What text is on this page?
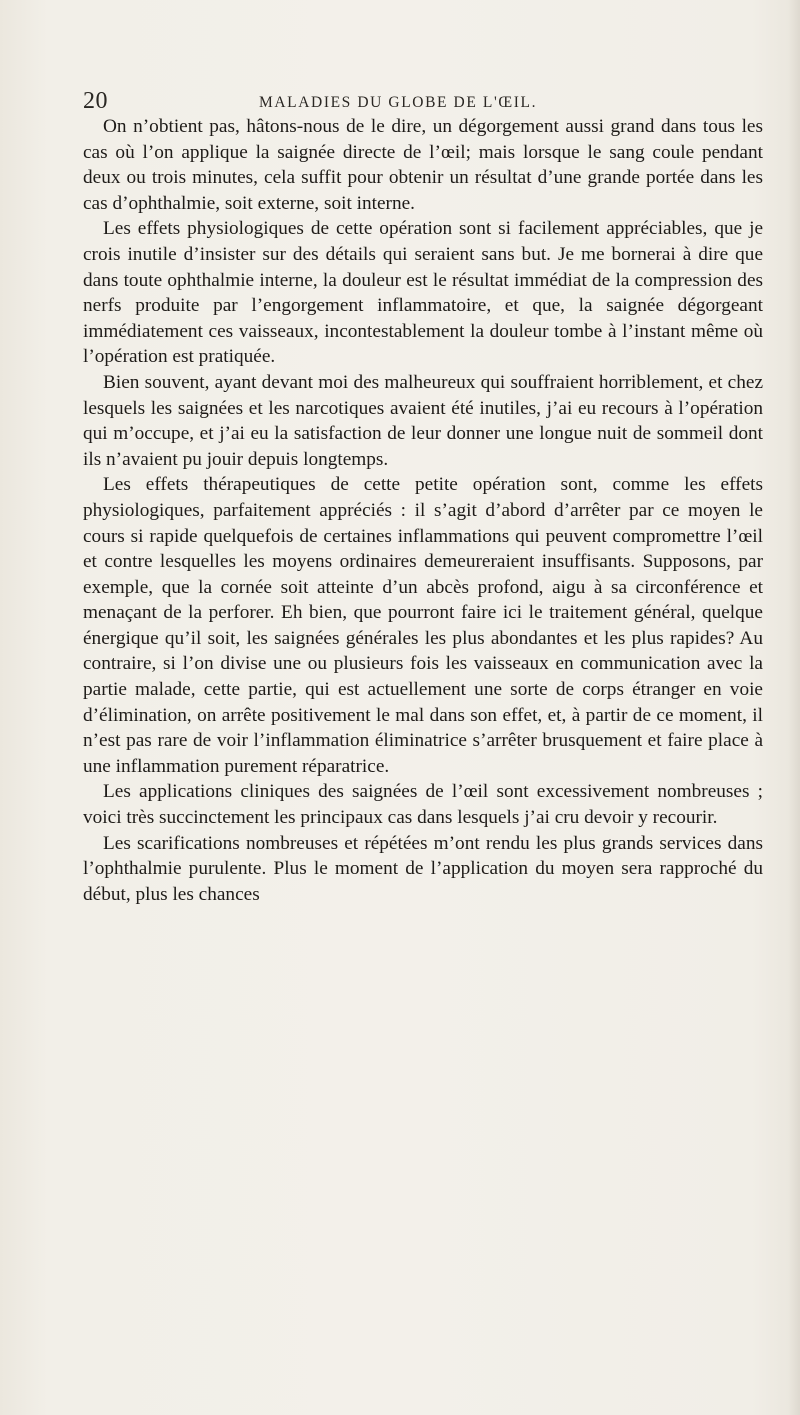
20	MALADIES DU GLOBE DE L'ŒIL.

On n’obtient pas, hâtons-nous de le dire, un dégorgement aussi grand dans tous les cas où l’on applique la saignée directe de l’œil; mais lorsque le sang coule pendant deux ou trois minutes, cela suffit pour obtenir un résultat d’une grande portée dans les cas d’ophthalmie, soit externe, soit interne.

Les effets physiologiques de cette opération sont si facilement appréciables, que je crois inutile d’insister sur des détails qui seraient sans but. Je me bornerai à dire que dans toute ophthalmie interne, la douleur est le résultat immédiat de la compression des nerfs produite par l’engorgement inflammatoire, et que, la saignée dégorgeant immédiatement ces vaisseaux, incontestablement la douleur tombe à l’instant même où l’opération est pratiquée.

Bien souvent, ayant devant moi des malheureux qui souffraient horriblement, et chez lesquels les saignées et les narcotiques avaient été inutiles, j’ai eu recours à l’opération qui m’occupe, et j’ai eu la satisfaction de leur donner une longue nuit de sommeil dont ils n’avaient pu jouir depuis longtemps.

Les effets thérapeutiques de cette petite opération sont, comme les effets physiologiques, parfaitement appréciés : il s’agit d’abord d’arrêter par ce moyen le cours si rapide quelquefois de certaines inflammations qui peuvent compromettre l’œil et contre lesquelles les moyens ordinaires demeureraient insuffisants. Supposons, par exemple, que la cornée soit atteinte d’un abcès profond, aigu à sa circonférence et menaçant de la perforer. Eh bien, que pourront faire ici le traitement général, quelque énergique qu’il soit, les saignées générales les plus abondantes et les plus rapides? Au contraire, si l’on divise une ou plusieurs fois les vaisseaux en communication avec la partie malade, cette partie, qui est actuellement une sorte de corps étranger en voie d’élimination, on arrête positivement le mal dans son effet, et, à partir de ce moment, il n’est pas rare de voir l’inflammation éliminatrice s’arrêter brusquement et faire place à une inflammation purement réparatrice.

Les applications cliniques des saignées de l’œil sont excessivement nombreuses ; voici très succinctement les principaux cas dans lesquels j’ai cru devoir y recourir.

Les scarifications nombreuses et répétées m’ont rendu les plus grands services dans l’ophthalmie purulente. Plus le moment de l’application du moyen sera rapproché du début, plus les chances
